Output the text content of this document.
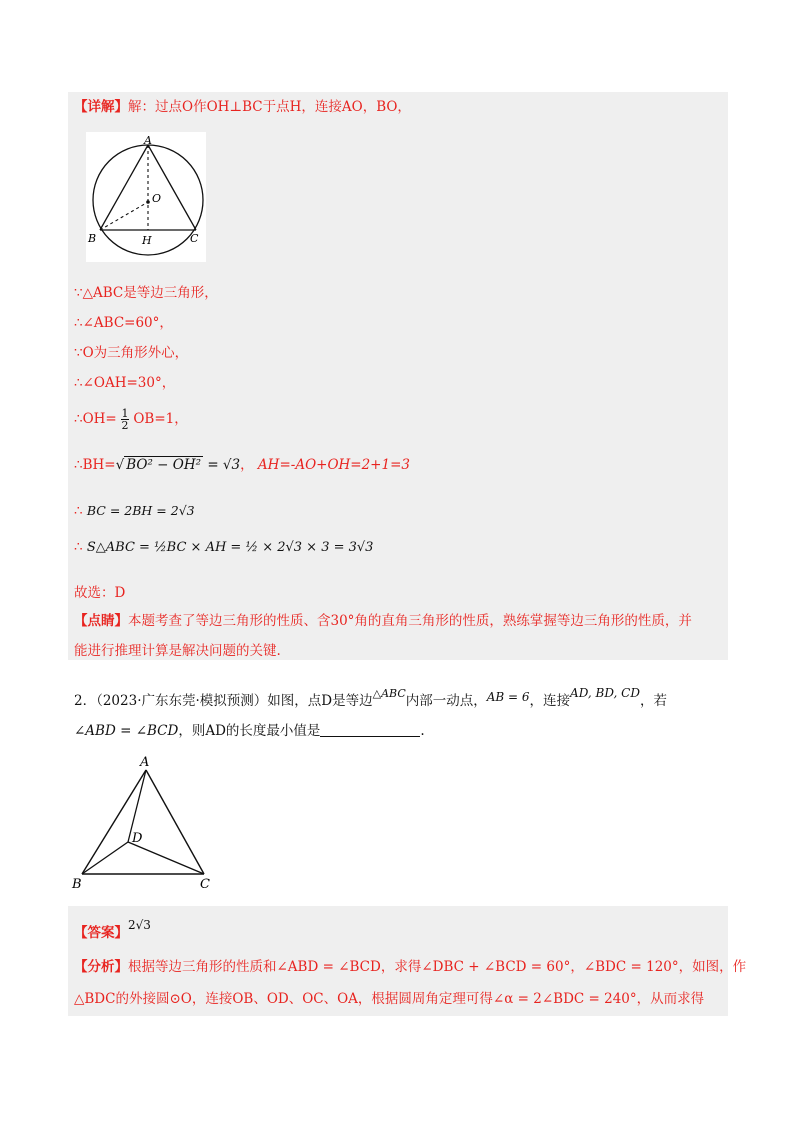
【详解】解：过点O作OH⊥BC于点H，连接AO，BO，
A
O
B	H	C
∵△ABC是等边三角形，
∴∠ABC=60°，
∵O为三角形外心，
∴∠OAH=30°，
∴OH= $\frac{1}{2} OB=1$，
∴BH=√ BO² − OH² = √3， AH=-AO+OH=2+1=3
∴ BC = 2BH = 2√3
∴ S△ABC = ½BC × AH = ½ × 2√3 × 3 = 3√3
故选：D
【点睛】本题考查了等边三角形的性质、含30°角的直角三角形的性质，熟练掌握等边三角形的性质，并
能进行推理计算是解决问题的关键.
2．（2023·广东东莞·模拟预测）如图，点D是等边$^{\triangle ABC}$内部一动点，AB = 6，连接AD, BD, CD，若
∠ABD = ∠BCD，则AD的长度最小值是	.
A
D
B	C
【答案】2√3
【分析】根据等边三角形的性质和∠ABD = ∠BCD，求得∠DBC + ∠BCD = 60°，∠BDC = 120°，如图，作
△BDC的外接圆⊙O，连接OB、OD、OC、OA，根据圆周角定理可得∠α = 2∠BDC = 240°，从而求得
